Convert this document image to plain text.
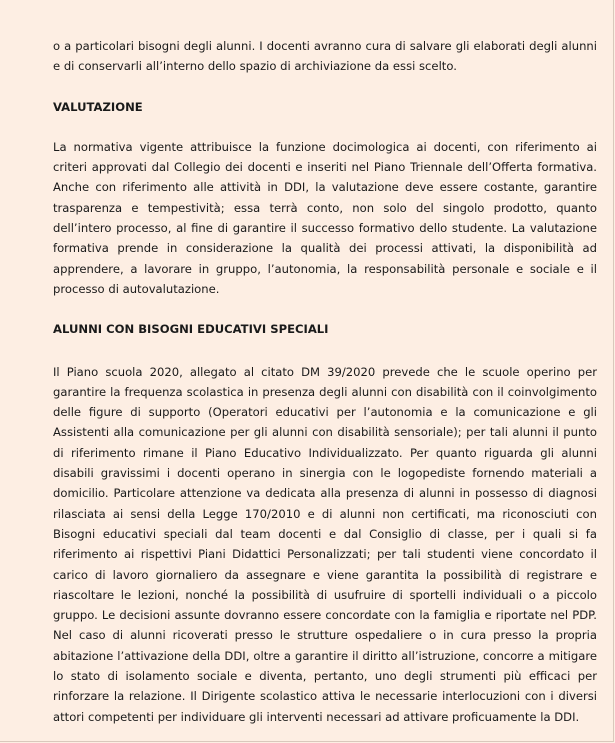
o a particolari bisogni degli alunni. I docenti avranno cura di salvare gli elaborati degli alunni e di conservarli all’interno dello spazio di archiviazione da essi scelto.

VALUTAZIONE

La normativa vigente attribuisce la funzione docimologica ai docenti, con riferimento ai criteri approvati dal Collegio dei docenti e inseriti nel Piano Triennale dell’Offerta formativa. Anche con riferimento alle attività in DDI, la valutazione deve essere costante, garantire trasparenza e tempestività; essa terrà conto, non solo del singolo prodotto, quanto dell’intero processo, al fine di garantire il successo formativo dello studente. La valutazione formativa prende in considerazione la qualità dei processi attivati, la disponibilità ad apprendere, a lavorare in gruppo, l’autonomia, la responsabilità personale e sociale e il processo di autovalutazione.

ALUNNI CON BISOGNI EDUCATIVI SPECIALI

Il Piano scuola 2020, allegato al citato DM 39/2020 prevede che le scuole operino per garantire la frequenza scolastica in presenza degli alunni con disabilità con il coinvolgimento delle figure di supporto (Operatori educativi per l’autonomia e la comunicazione e gli Assistenti alla comunicazione per gli alunni con disabilità sensoriale); per tali alunni il punto di riferimento rimane il Piano Educativo Individualizzato. Per quanto riguarda gli alunni disabili gravissimi i docenti operano in sinergia con le logopediste fornendo materiali a domicilio. Particolare attenzione va dedicata alla presenza di alunni in possesso di diagnosi rilasciata ai sensi della Legge 170/2010 e di alunni non certificati, ma riconosciuti con Bisogni educativi speciali dal team docenti e dal Consiglio di classe, per i quali si fa riferimento ai rispettivi Piani Didattici Personalizzati; per tali studenti viene concordato il carico di lavoro giornaliero da assegnare e viene garantita la possibilità di registrare e riascoltare le lezioni, nonché la possibilità di usufruire di sportelli individuali o a piccolo gruppo. Le decisioni assunte dovranno essere concordate con la famiglia e riportate nel PDP. Nel caso di alunni ricoverati presso le strutture ospedaliere o in cura presso la propria abitazione l’attivazione della DDI, oltre a garantire il diritto all’istruzione, concorre a mitigare lo stato di isolamento sociale e diventa, pertanto, uno degli strumenti più efficaci per rinforzare la relazione. Il Dirigente scolastico attiva le necessarie interlocuzioni con i diversi attori competenti per individuare gli interventi necessari ad attivare proficuamente la DDI.
